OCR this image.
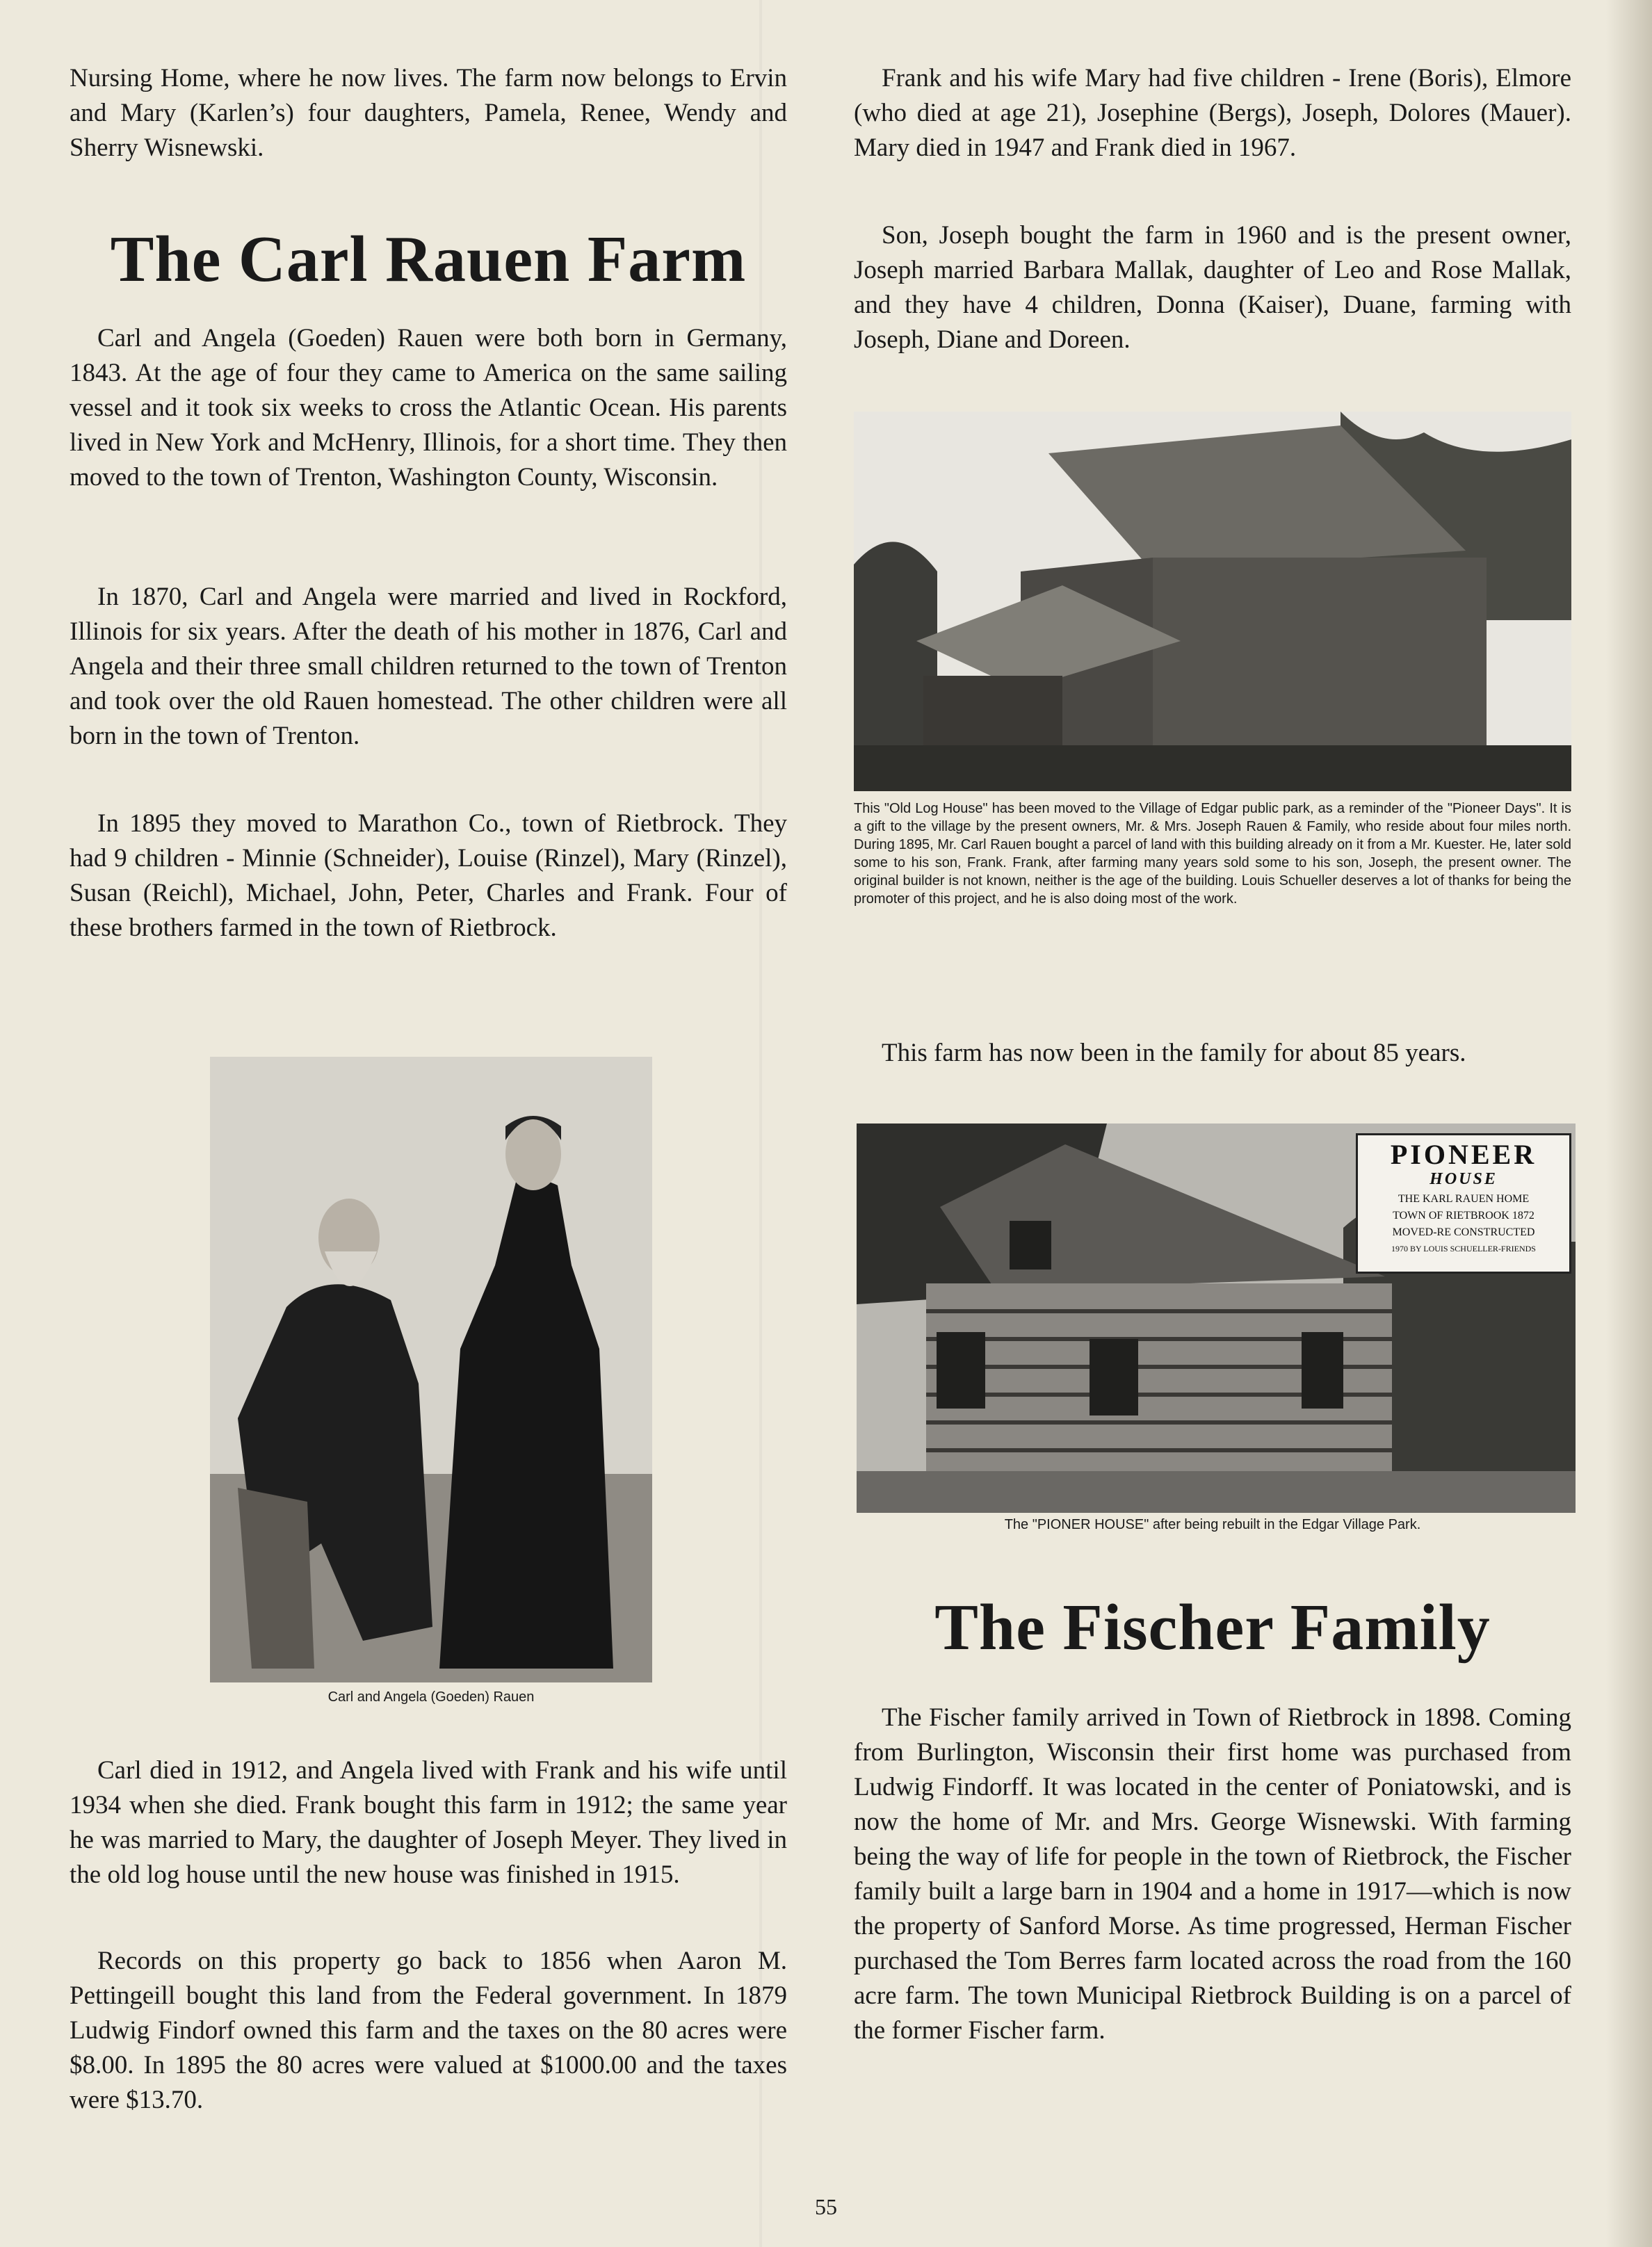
Nursing Home, where he now lives. The farm now belongs to Ervin and Mary (Karlen’s) four daughters, Pamela, Renee, Wendy and Sherry Wisnewski.

The Carl Rauen Farm

Carl and Angela (Goeden) Rauen were both born in Germany, 1843. At the age of four they came to America on the same sailing vessel and it took six weeks to cross the Atlantic Ocean. His parents lived in New York and McHenry, Illinois, for a short time. They then moved to the town of Trenton, Washington County, Wisconsin.

In 1870, Carl and Angela were married and lived in Rockford, Illinois for six years. After the death of his mother in 1876, Carl and Angela and their three small children returned to the town of Trenton and took over the old Rauen homestead. The other children were all born in the town of Trenton.

In 1895 they moved to Marathon Co., town of Rietbrock. They had 9 children - Minnie (Schneider), Louise (Rinzel), Mary (Rinzel), Susan (Reichl), Michael, John, Peter, Charles and Frank. Four of these brothers farmed in the town of Rietbrock.

Carl and Angela (Goeden) Rauen

Carl died in 1912, and Angela lived with Frank and his wife until 1934 when she died. Frank bought this farm in 1912; the same year he was married to Mary, the daughter of Joseph Meyer. They lived in the old log house until the new house was finished in 1915.

Records on this property go back to 1856 when Aaron M. Pettingeill bought this land from the Federal government. In 1879 Ludwig Findorf owned this farm and the taxes on the 80 acres were $8.00. In 1895 the 80 acres were valued at $1000.00 and the taxes were $13.70.

Frank and his wife Mary had five children - Irene (Boris), Elmore (who died at age 21), Josephine (Bergs), Joseph, Dolores (Mauer). Mary died in 1947 and Frank died in 1967.

Son, Joseph bought the farm in 1960 and is the present owner, Joseph married Barbara Mallak, daughter of Leo and Rose Mallak, and they have 4 children, Donna (Kaiser), Duane, farming with Joseph, Diane and Doreen.

This "Old Log House" has been moved to the Village of Edgar public park, as a reminder of the "Pioneer Days". It is a gift to the village by the present owners, Mr. & Mrs. Joseph Rauen & Family, who reside about four miles north. During 1895, Mr. Carl Rauen bought a parcel of land with this building already on it from a Mr. Kuester. He, later sold some to his son, Frank. Frank, after farming many years sold some to his son, Joseph, the present owner. The original builder is not known, neither is the age of the building. Louis Schueller deserves a lot of thanks for being the promoter of this project, and he is also doing most of the work.

This farm has now been in the family for about 85 years.

PIONEER
HOUSE
THE KARL RAUEN HOME
TOWN OF RIETBROOK 1872
MOVED-RE CONSTRUCTED
1970 BY LOUIS SCHUELLER-FRIENDS

The "PIONER HOUSE" after being rebuilt in the Edgar Village Park.

The Fischer Family

The Fischer family arrived in Town of Rietbrock in 1898. Coming from Burlington, Wisconsin their first home was purchased from Ludwig Findorff. It was located in the center of Poniatowski, and is now the home of Mr. and Mrs. George Wisnewski. With farming being the way of life for people in the town of Rietbrock, the Fischer family built a large barn in 1904 and a home in 1917—which is now the property of Sanford Morse. As time progressed, Herman Fischer purchased the Tom Berres farm located across the road from the 160 acre farm. The town Municipal Rietbrock Building is on a parcel of the former Fischer farm.

55
